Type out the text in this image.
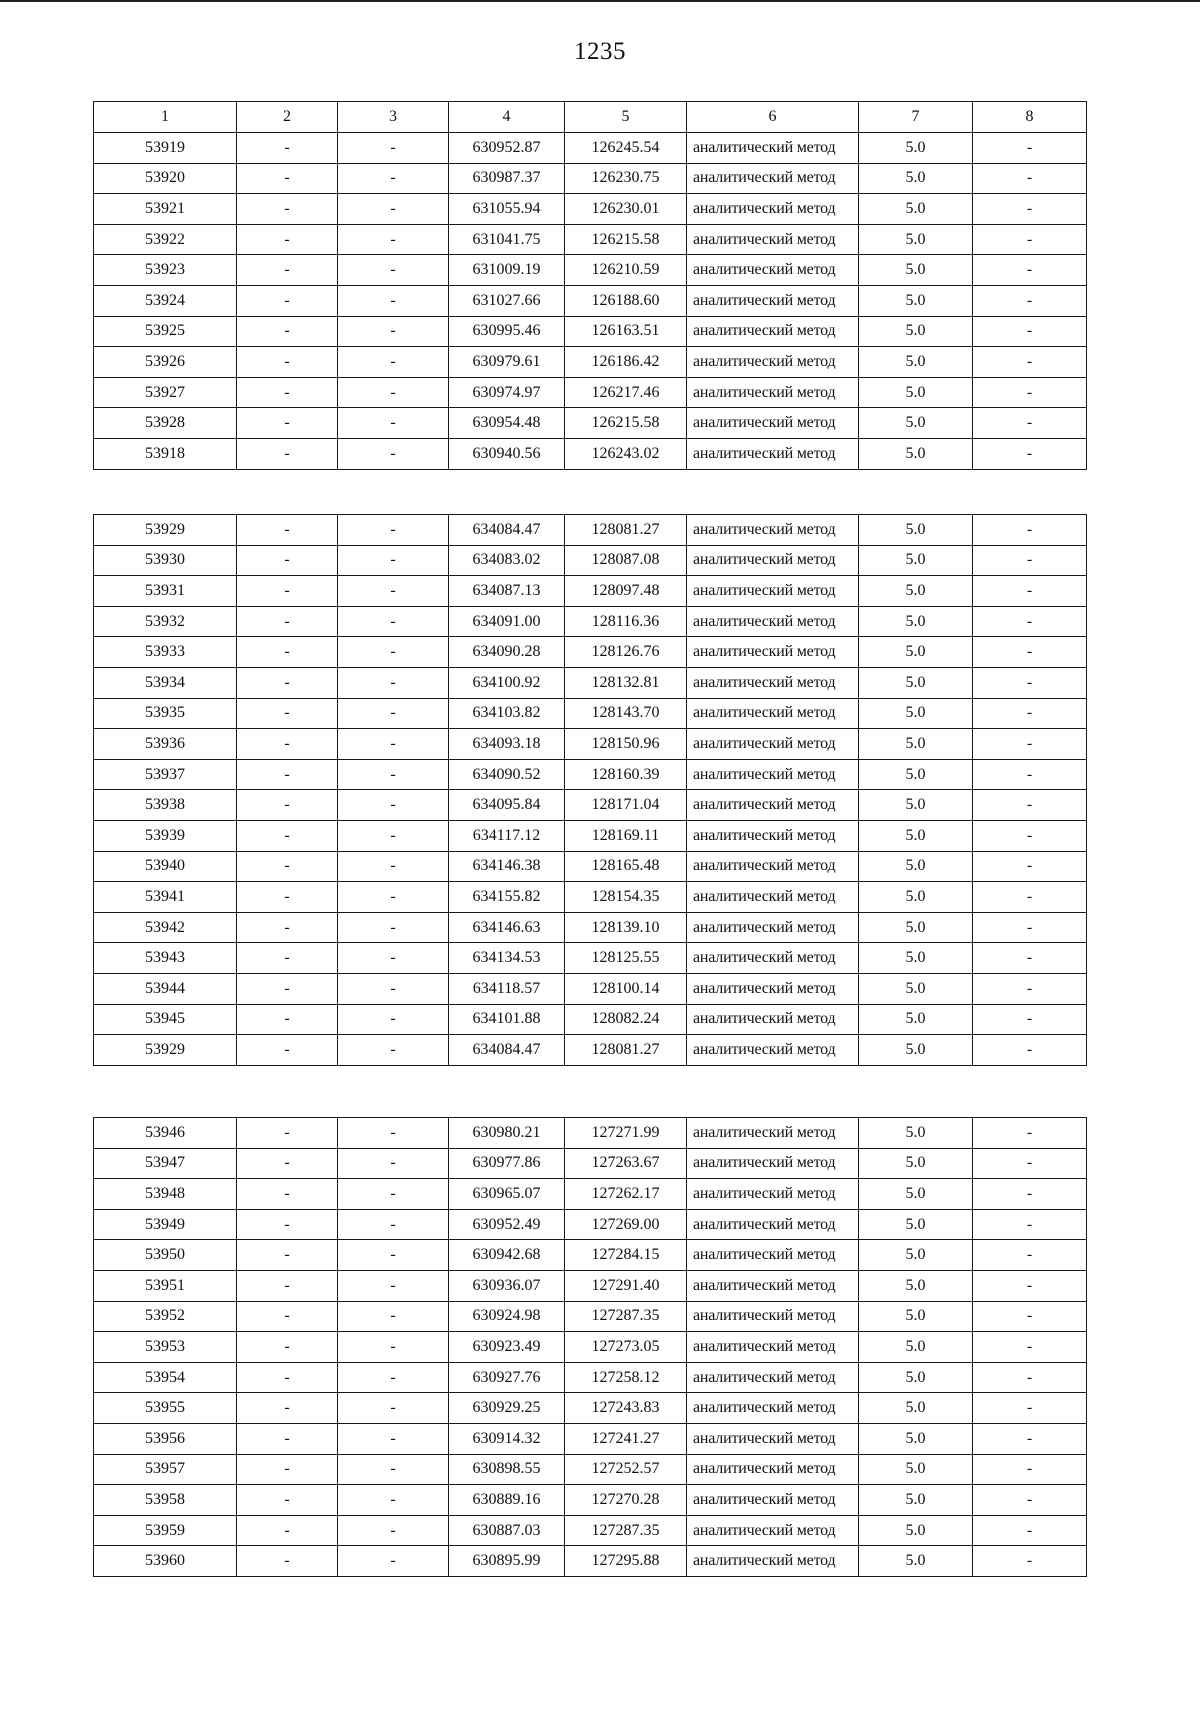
1235
1	2	3	4	5	6	7	8
53919	-	-	630952.87	126245.54	аналитический метод	5.0	-
53920	-	-	630987.37	126230.75	аналитический метод	5.0	-
53921	-	-	631055.94	126230.01	аналитический метод	5.0	-
53922	-	-	631041.75	126215.58	аналитический метод	5.0	-
53923	-	-	631009.19	126210.59	аналитический метод	5.0	-
53924	-	-	631027.66	126188.60	аналитический метод	5.0	-
53925	-	-	630995.46	126163.51	аналитический метод	5.0	-
53926	-	-	630979.61	126186.42	аналитический метод	5.0	-
53927	-	-	630974.97	126217.46	аналитический метод	5.0	-
53928	-	-	630954.48	126215.58	аналитический метод	5.0	-
53918	-	-	630940.56	126243.02	аналитический метод	5.0	-
53929	-	-	634084.47	128081.27	аналитический метод	5.0	-
53930	-	-	634083.02	128087.08	аналитический метод	5.0	-
53931	-	-	634087.13	128097.48	аналитический метод	5.0	-
53932	-	-	634091.00	128116.36	аналитический метод	5.0	-
53933	-	-	634090.28	128126.76	аналитический метод	5.0	-
53934	-	-	634100.92	128132.81	аналитический метод	5.0	-
53935	-	-	634103.82	128143.70	аналитический метод	5.0	-
53936	-	-	634093.18	128150.96	аналитический метод	5.0	-
53937	-	-	634090.52	128160.39	аналитический метод	5.0	-
53938	-	-	634095.84	128171.04	аналитический метод	5.0	-
53939	-	-	634117.12	128169.11	аналитический метод	5.0	-
53940	-	-	634146.38	128165.48	аналитический метод	5.0	-
53941	-	-	634155.82	128154.35	аналитический метод	5.0	-
53942	-	-	634146.63	128139.10	аналитический метод	5.0	-
53943	-	-	634134.53	128125.55	аналитический метод	5.0	-
53944	-	-	634118.57	128100.14	аналитический метод	5.0	-
53945	-	-	634101.88	128082.24	аналитический метод	5.0	-
53929	-	-	634084.47	128081.27	аналитический метод	5.0	-
53946	-	-	630980.21	127271.99	аналитический метод	5.0	-
53947	-	-	630977.86	127263.67	аналитический метод	5.0	-
53948	-	-	630965.07	127262.17	аналитический метод	5.0	-
53949	-	-	630952.49	127269.00	аналитический метод	5.0	-
53950	-	-	630942.68	127284.15	аналитический метод	5.0	-
53951	-	-	630936.07	127291.40	аналитический метод	5.0	-
53952	-	-	630924.98	127287.35	аналитический метод	5.0	-
53953	-	-	630923.49	127273.05	аналитический метод	5.0	-
53954	-	-	630927.76	127258.12	аналитический метод	5.0	-
53955	-	-	630929.25	127243.83	аналитический метод	5.0	-
53956	-	-	630914.32	127241.27	аналитический метод	5.0	-
53957	-	-	630898.55	127252.57	аналитический метод	5.0	-
53958	-	-	630889.16	127270.28	аналитический метод	5.0	-
53959	-	-	630887.03	127287.35	аналитический метод	5.0	-
53960	-	-	630895.99	127295.88	аналитический метод	5.0	-
